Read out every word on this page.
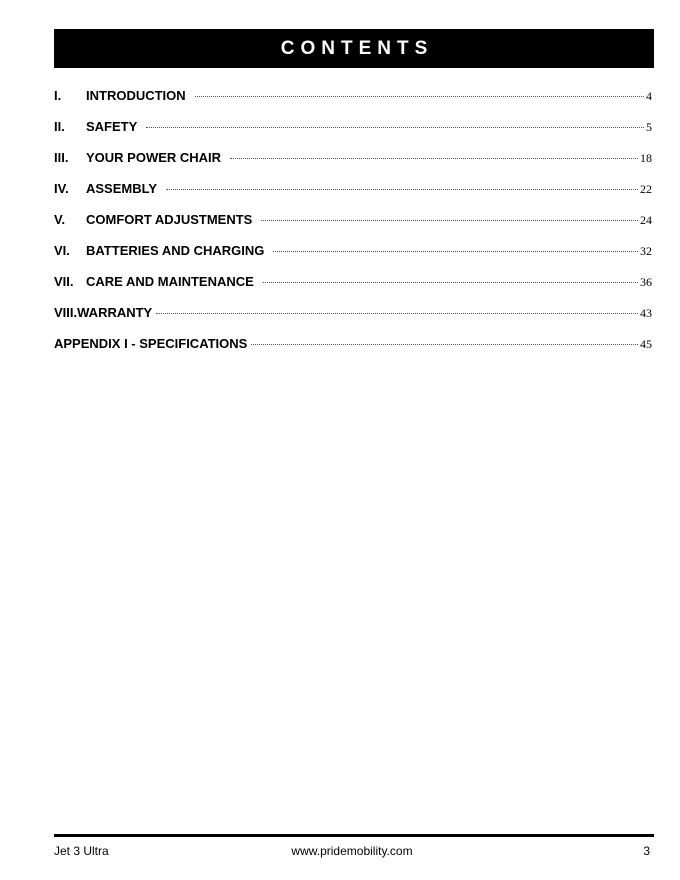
CONTENTS
I.	INTRODUCTION	4
II.	SAFETY	5
III.	YOUR POWER CHAIR	18
IV.	ASSEMBLY	22
V.	COMFORT ADJUSTMENTS	24
VI.	BATTERIES AND CHARGING	32
VII. CARE AND MAINTENANCE	36
VIII. WARRANTY	43
APPENDIX I - SPECIFICATIONS	45
Jet 3 Ultra	www.pridemobility.com	3
